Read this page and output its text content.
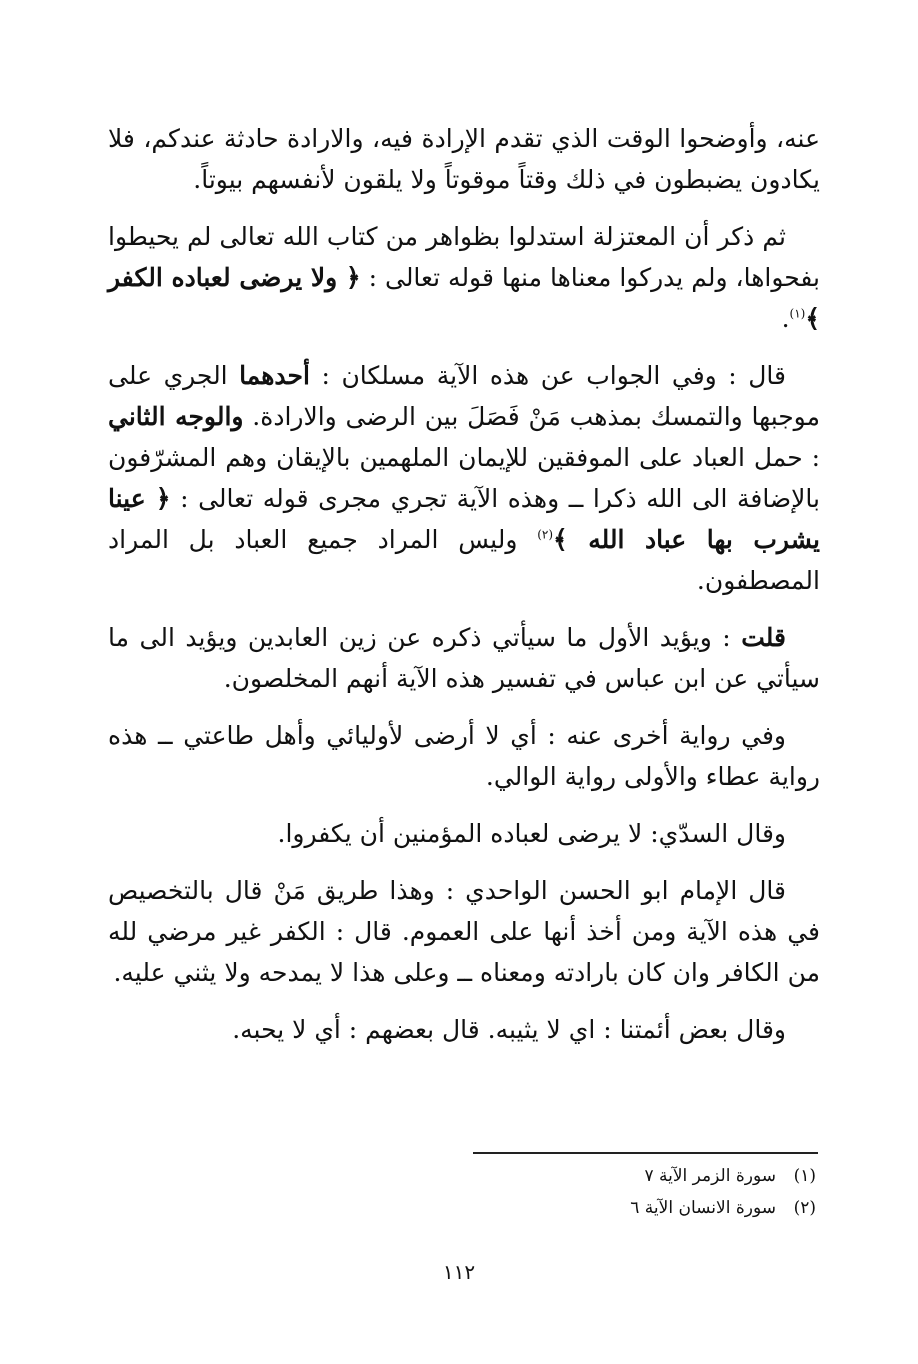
عنه، وأوضحوا الوقت الذي تقدم الإرادة فيه، والارادة حادثة عندكم، فلا يكادون يضبطون في ذلك وقتاً موقوتاً ولا يلقون لأنفسهم بيوتاً.

ثم ذكر أن المعتزلة استدلوا بظواهر من كتاب الله تعالى لم يحيطوا بفحواها، ولم يدركوا معناها منها قوله تعالى : ﴿ ولا يرضى لعباده الكفر ﴾$^{(١)}$.

قال : وفي الجواب عن هذه الآية مسلكان : أحدهما الجري على موجبها والتمسك بمذهب مَنْ فَصَلَ بين الرضى والارادة. والوجه الثاني : حمل العباد على الموفقين للإيمان الملهمين بالإيقان وهم المشرّفون بالإضافة الى الله ذكرا ــ وهذه الآية تجري مجرى قوله تعالى : ﴿ عينا يشرب بها عباد الله ﴾$^{(٢)}$ وليس المراد جميع العباد بل المراد المصطفون.

قلت : ويؤيد الأول ما سيأتي ذكره عن زين العابدين ويؤيد الى ما سيأتي عن ابن عباس في تفسير هذه الآية أنهم المخلصون.

وفي رواية أخرى عنه : أي لا أرضى لأوليائي وأهل طاعتي ــ هذه رواية عطاء والأولى رواية الوالي.

وقال السدّي: لا يرضى لعباده المؤمنين أن يكفروا.

قال الإمام ابو الحسن الواحدي : وهذا طريق مَنْ قال بالتخصيص في هذه الآية ومن أخذ أنها على العموم. قال : الكفر غير مرضي لله من الكافر وان كان بارادته ومعناه ــ وعلى هذا لا يمدحه ولا يثني عليه.

وقال بعض أئمتنا : اي لا يثيبه. قال بعضهم : أي لا يحبه.

(١)
سورة الزمر الآية ٧
(٢)
سورة الانسان الآية ٦
١١٢
